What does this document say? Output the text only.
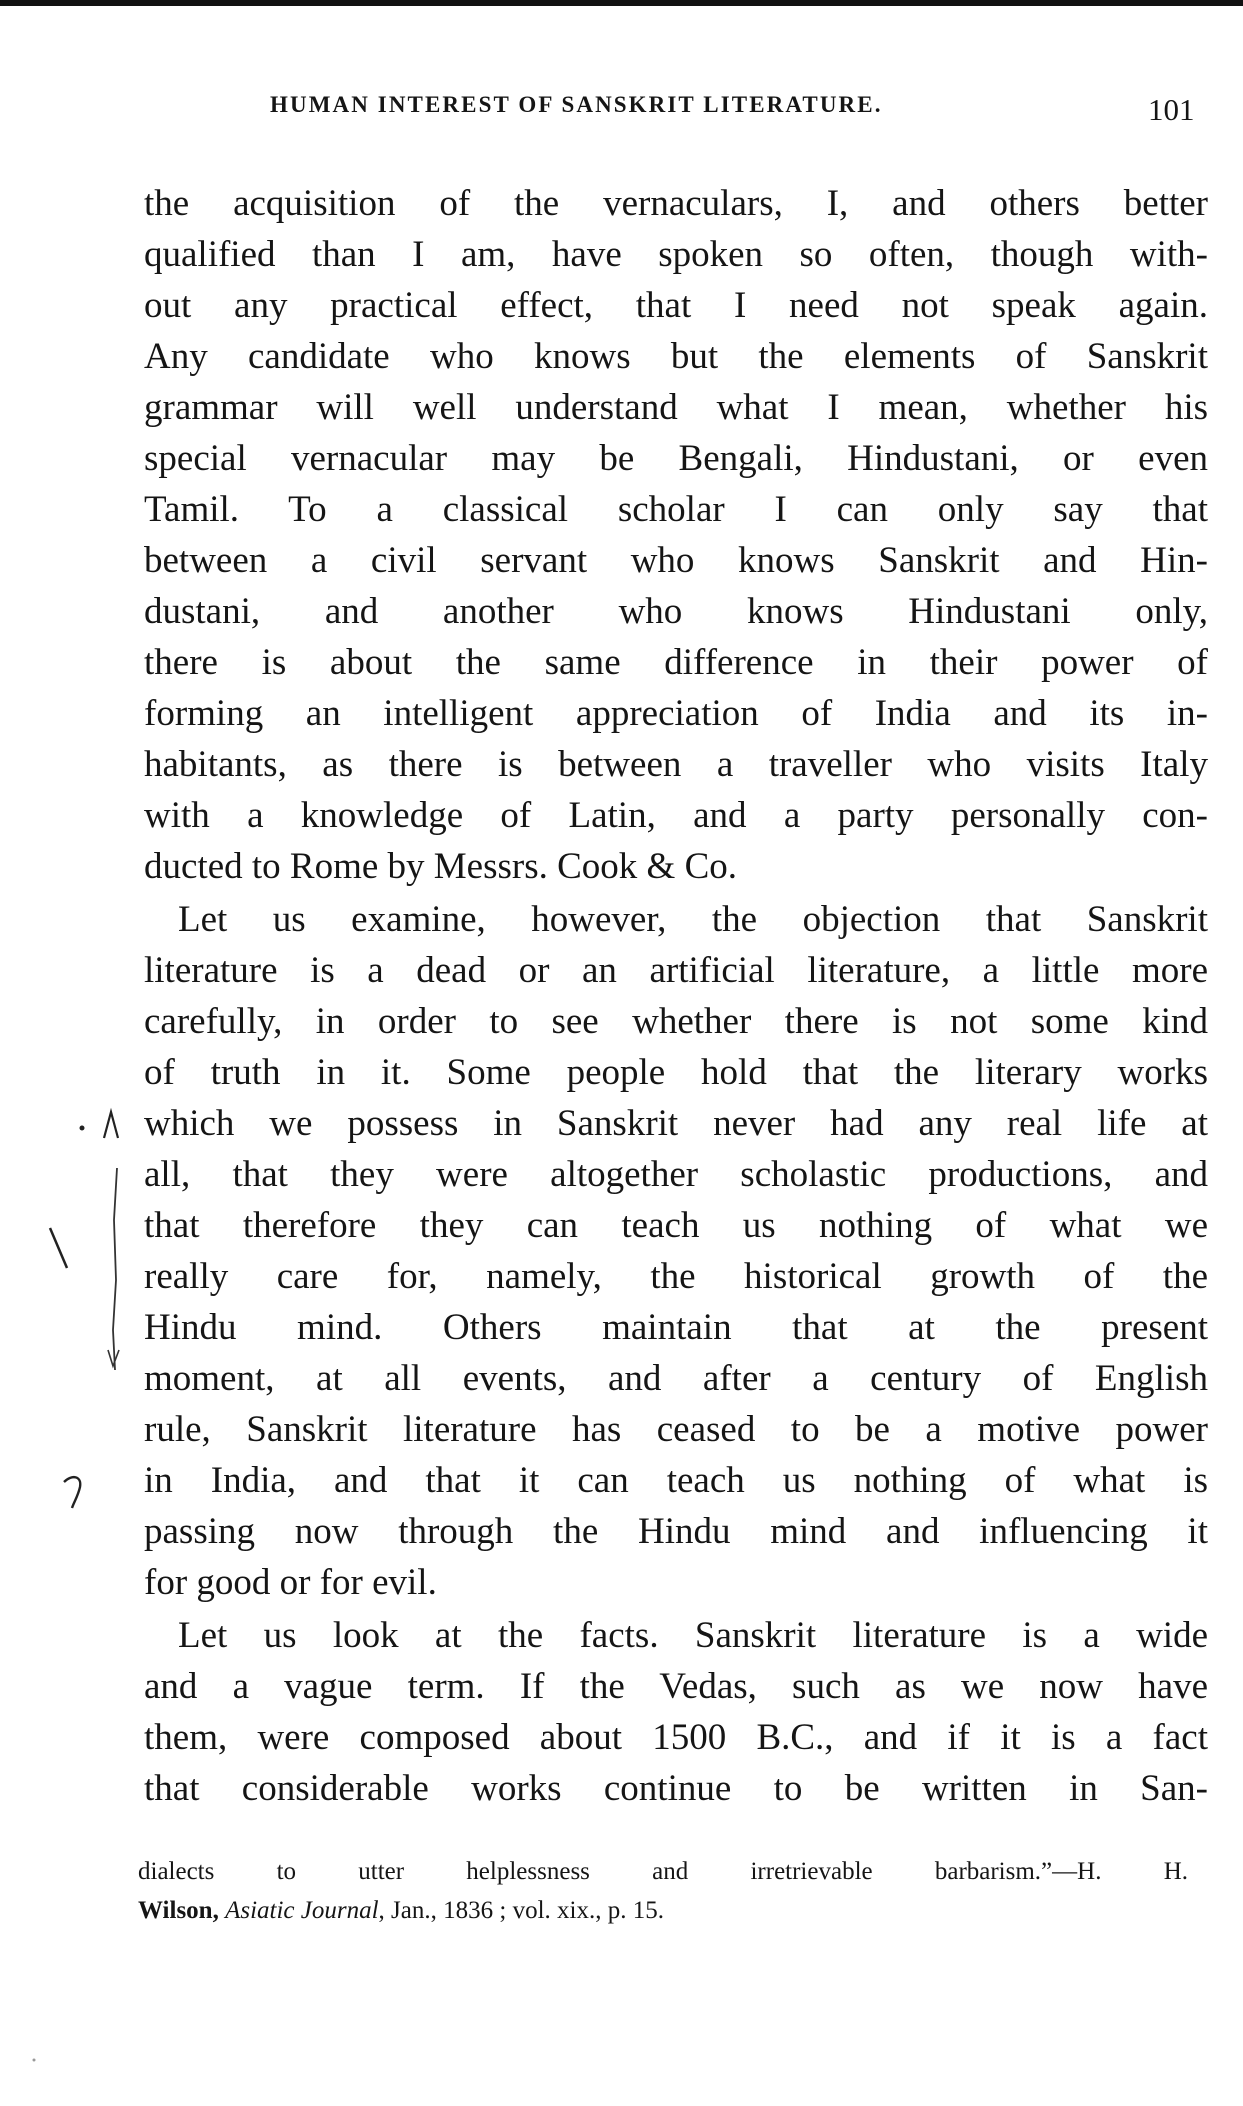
HUMAN INTEREST OF SANSKRIT LITERATURE.	101
the acquisition of the vernaculars, I, and others better
qualified than I am, have spoken so often, though with-
out any practical effect, that I need not speak again.
Any candidate who knows but the elements of Sanskrit
grammar will well understand what I mean, whether his
special vernacular may be Bengali, Hindustani, or even
Tamil. To a classical scholar I can only say that
between a civil servant who knows Sanskrit and Hin-
dustani, and another who knows Hindustani only,
there is about the same difference in their power of
forming an intelligent appreciation of India and its in-
habitants, as there is between a traveller who visits Italy
with a knowledge of Latin, and a party personally con-
ducted to Rome by Messrs. Cook & Co.
Let us examine, however, the objection that Sanskrit
literature is a dead or an artificial literature, a little more
carefully, in order to see whether there is not some kind
of truth in it. Some people hold that the literary works
which we possess in Sanskrit never had any real life at
all, that they were altogether scholastic productions, and
that therefore they can teach us nothing of what we
really care for, namely, the historical growth of the
Hindu mind. Others maintain that at the present
moment, at all events, and after a century of English
rule, Sanskrit literature has ceased to be a motive power
in India, and that it can teach us nothing of what is
passing now through the Hindu mind and influencing it
for good or for evil.
Let us look at the facts. Sanskrit literature is a wide
and a vague term. If the Vedas, such as we now have
them, were composed about 1500 B.C., and if it is a fact
that considerable works continue to be written in San-
dialects to utter helplessness and irretrievable barbarism.”—H. H.
Wilson, Asiatic Journal, Jan., 1836 ; vol. xix., p. 15.
